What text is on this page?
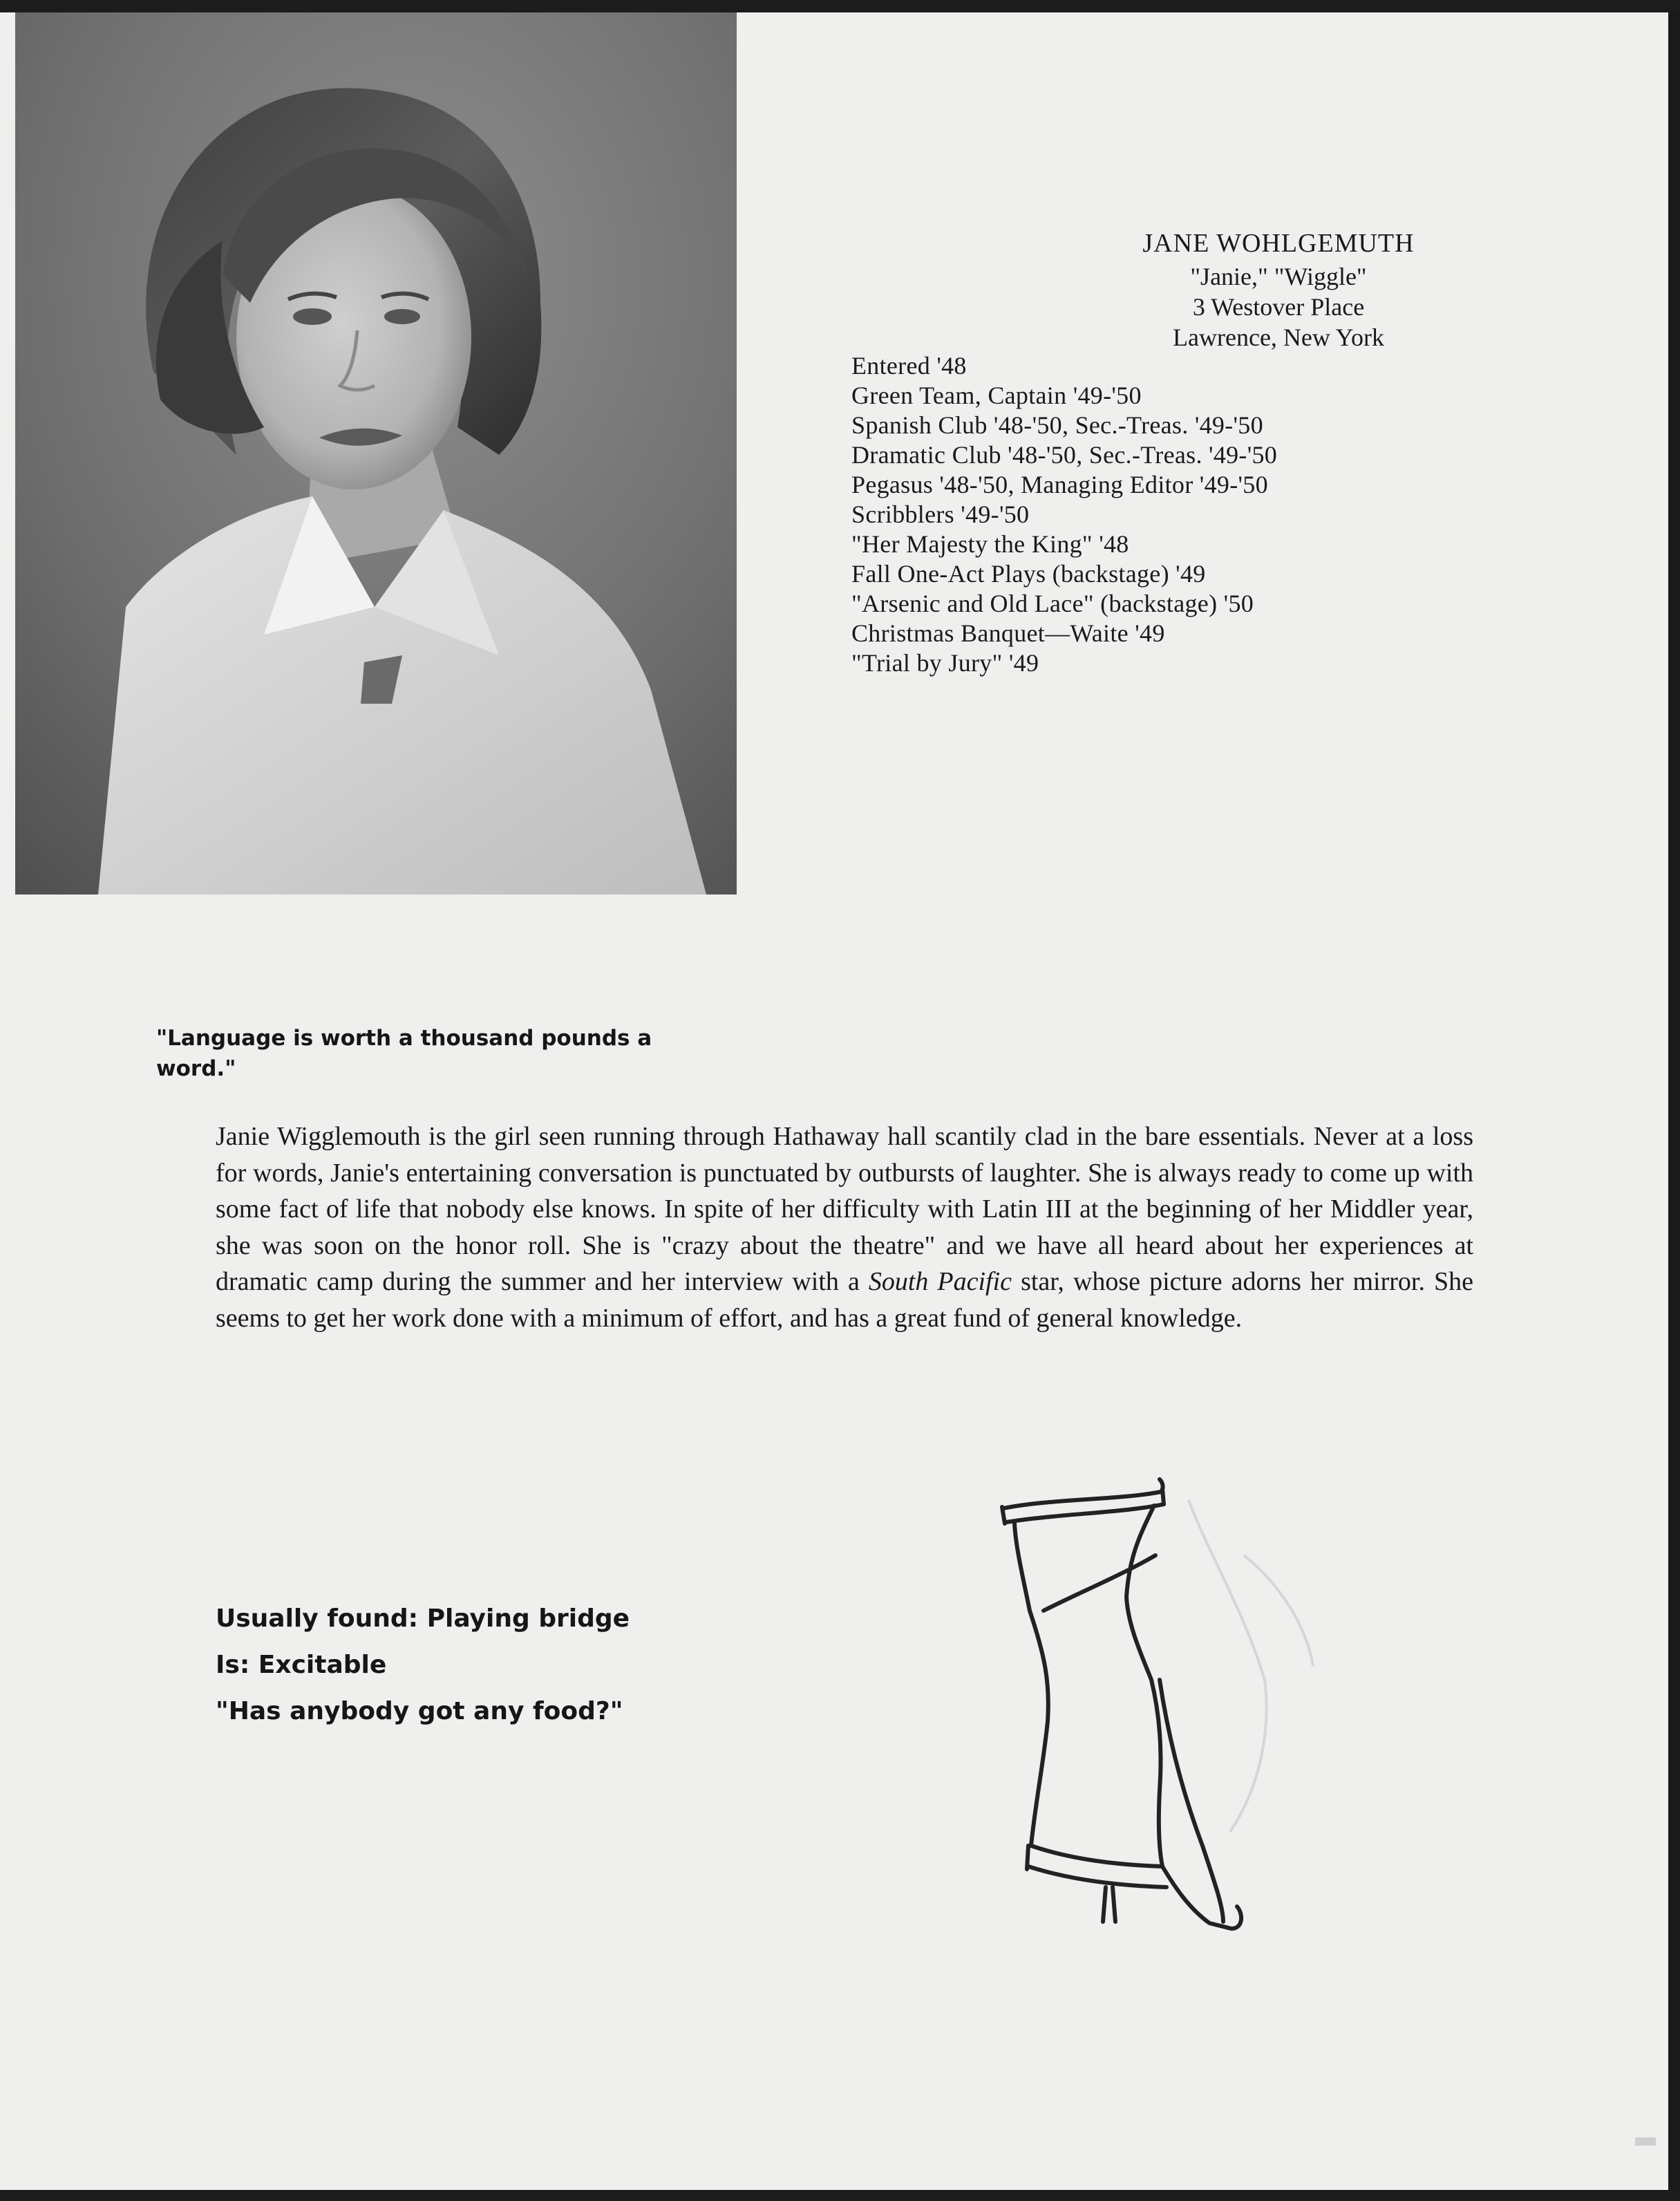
JANE WOHLGEMUTH
"Janie," "Wiggle"
3 Westover Place
Lawrence, New York
Entered '48
Green Team, Captain '49-'50
Spanish Club '48-'50, Sec.-Treas. '49-'50
Dramatic Club '48-'50, Sec.-Treas. '49-'50
Pegasus '48-'50, Managing Editor '49-'50
Scribblers '49-'50
"Her Majesty the King" '48
Fall One-Act Plays (backstage) '49
"Arsenic and Old Lace" (backstage) '50
Christmas Banquet—Waite '49
"Trial by Jury" '49
"Language is worth a thousand pounds a word."

Janie Wigglemouth is the girl seen running through Hathaway hall scantily clad in the bare essentials. Never at a loss for words, Janie's entertaining conversation is punctuated by outbursts of laughter. She is always ready to come up with some fact of life that nobody else knows. In spite of her difficulty with Latin III at the beginning of her Middler year, she was soon on the honor roll. She is "crazy about the theatre" and we have all heard about her experiences at dramatic camp during the summer and her interview with a South Pacific star, whose picture adorns her mirror. She seems to get her work done with a minimum of effort, and has a great fund of general knowledge.

Usually found: Playing bridge
Is: Excitable
"Has anybody got any food?"
